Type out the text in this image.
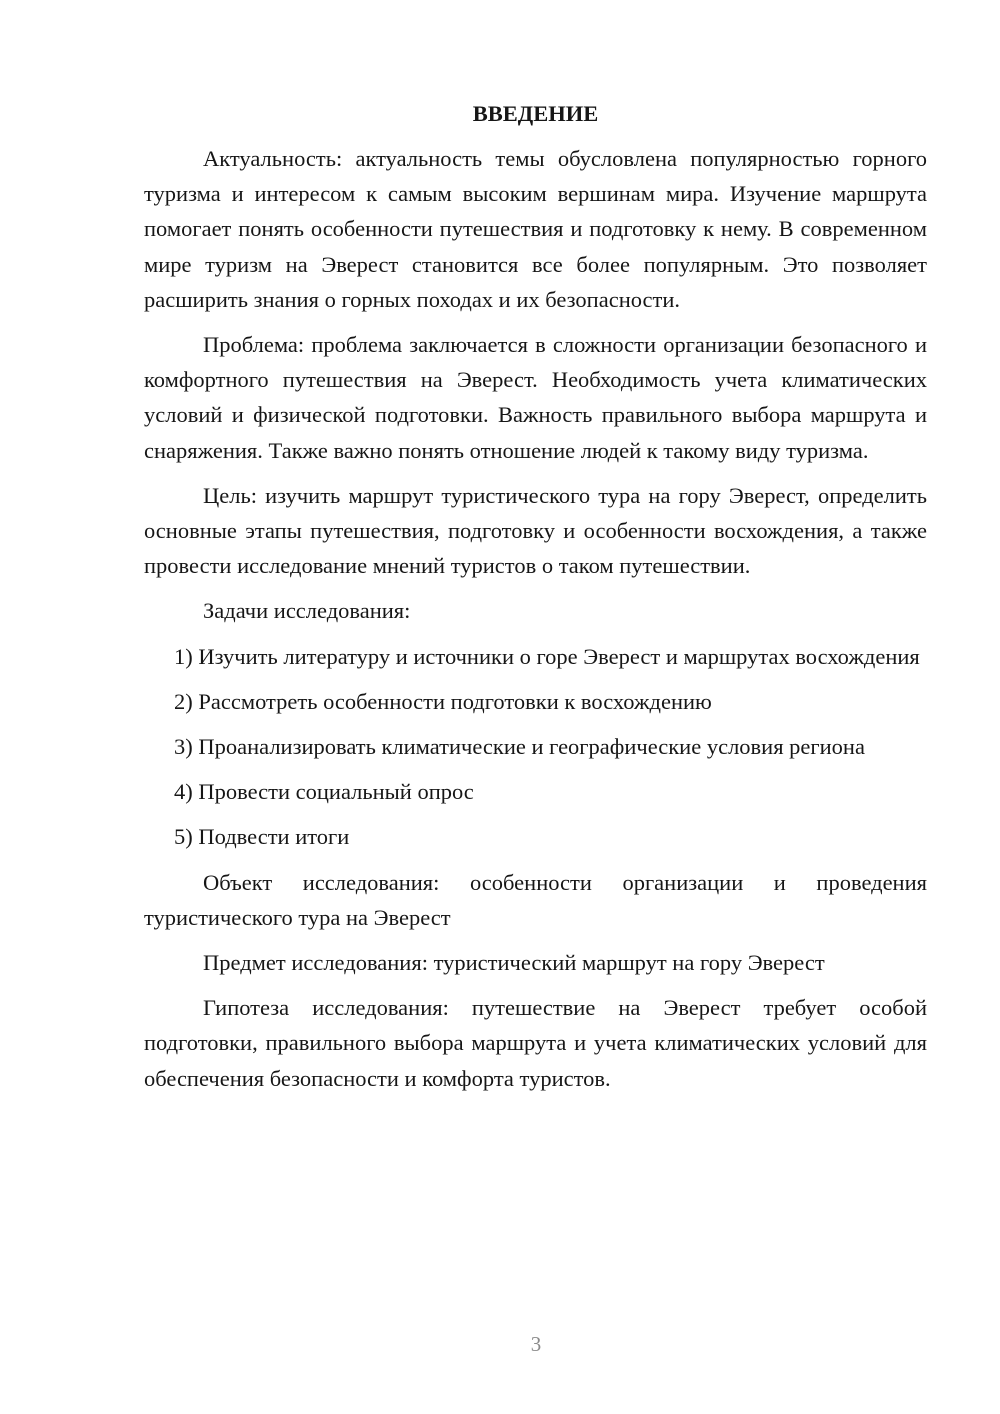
ВВЕДЕНИЕ

Актуальность: актуальность темы обусловлена популярностью горного туризма и интересом к самым высоким вершинам мира. Изучение маршрута помогает понять особенности путешествия и подготовку к нему. В современном мире туризм на Эверест становится все более популярным. Это позволяет расширить знания о горных походах и их безопасности.

Проблема: проблема заключается в сложности организации безопасного и комфортного путешествия на Эверест. Необходимость учета климатических условий и физической подготовки. Важность правильного выбора маршрута и снаряжения. Также важно понять отношение людей к такому виду туризма.

Цель: изучить маршрут туристического тура на гору Эверест, определить основные этапы путешествия, подготовку и особенности восхождения, а также провести исследование мнений туристов о таком путешествии.

Задачи исследования:

1) Изучить литературу и источники о горе Эверест и маршрутах восхождения

2) Рассмотреть особенности подготовки к восхождению

3) Проанализировать климатические и географические условия региона

4) Провести социальный опрос

5) Подвести итоги

Объект исследования: особенности организации и проведения туристического тура на Эверест

Предмет исследования: туристический маршрут на гору Эверест

Гипотеза исследования: путешествие на Эверест требует особой подготовки, правильного выбора маршрута и учета климатических условий для обеспечения безопасности и комфорта туристов.

3
